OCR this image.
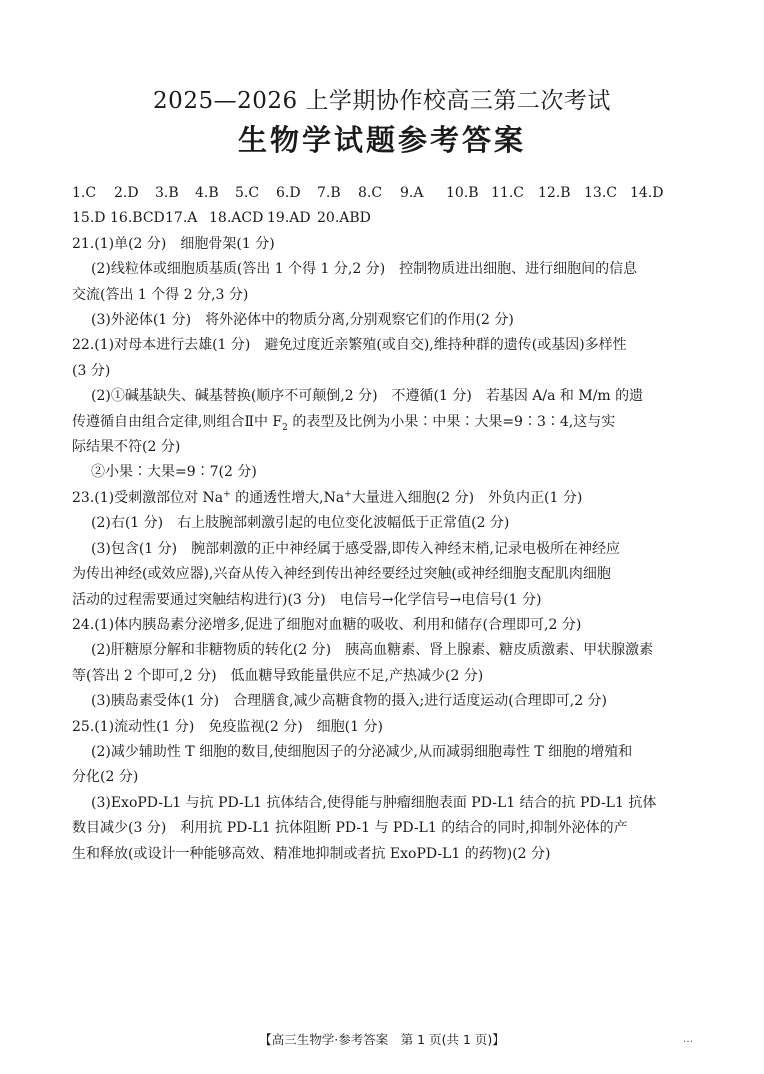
2025—2026 上学期协作校高三第二次考试
生物学试题参考答案
1.C 2.D 3.B 4.B 5.C 6.D 7.B 8.C 9.A 10.B 11.C 12.B 13.C 14.D
15.D 16.BCD17.A 18.ACD 19.AD 20.ABD
21.(1)单(2 分)　细胞骨架(1 分)
(2)线粒体或细胞质基质(答出 1 个得 1 分,2 分)　控制物质进出细胞、进行细胞间的信息
交流(答出 1 个得 2 分,3 分)
(3)外泌体(1 分)　将外泌体中的物质分离,分别观察它们的作用(2 分)
22.(1)对母本进行去雄(1 分)　避免过度近亲繁殖(或自交),维持种群的遗传(或基因)多样性
(3 分)
(2)①碱基缺失、碱基替换(顺序不可颠倒,2 分)　不遵循(1 分)　若基因 A/a 和 M/m 的遗
传遵循自由组合定律,则组合Ⅱ中 $F_2$ 的表型及比例为小果∶中果∶大果=9∶3∶4,这与实
际结果不符(2 分)
②小果∶大果=9∶7(2 分)
23.(1)受刺激部位对 Na+ 的通透性增大,Na+大量进入细胞(2 分)　外负内正(1 分)
(2)右(1 分)　右上肢腕部刺激引起的电位变化波幅低于正常值(2 分)
(3)包含(1 分)　腕部刺激的正中神经属于感受器,即传入神经末梢,记录电极所在神经应
为传出神经(或效应器),兴奋从传入神经到传出神经要经过突触(或神经细胞支配肌肉细胞
活动的过程需要通过突触结构进行)(3 分)　电信号→化学信号→电信号(1 分)
24.(1)体内胰岛素分泌增多,促进了细胞对血糖的吸收、利用和储存(合理即可,2 分)
(2)肝糖原分解和非糖物质的转化(2 分)　胰高血糖素、肾上腺素、糖皮质激素、甲状腺激素
等(答出 2 个即可,2 分)　低血糖导致能量供应不足,产热减少(2 分)
(3)胰岛素受体(1 分)　合理膳食,减少高糖食物的摄入;进行适度运动(合理即可,2 分)
25.(1)流动性(1 分)　免疫监视(2 分)　细胞(1 分)
(2)减少辅助性 T 细胞的数目,使细胞因子的分泌减少,从而减弱细胞毒性 T 细胞的增殖和
分化(2 分)
(3)ExoPD-L1 与抗 PD-L1 抗体结合,使得能与肿瘤细胞表面 PD-L1 结合的抗 PD-L1 抗体
数目减少(3 分)　利用抗 PD-L1 抗体阻断 PD-1 与 PD-L1 的结合的同时,抑制外泌体的产
生和释放(或设计一种能够高效、精准地抑制或者抗 ExoPD-L1 的药物)(2 分)
【高三生物学·参考答案　第 1 页(共 1 页)】	…
